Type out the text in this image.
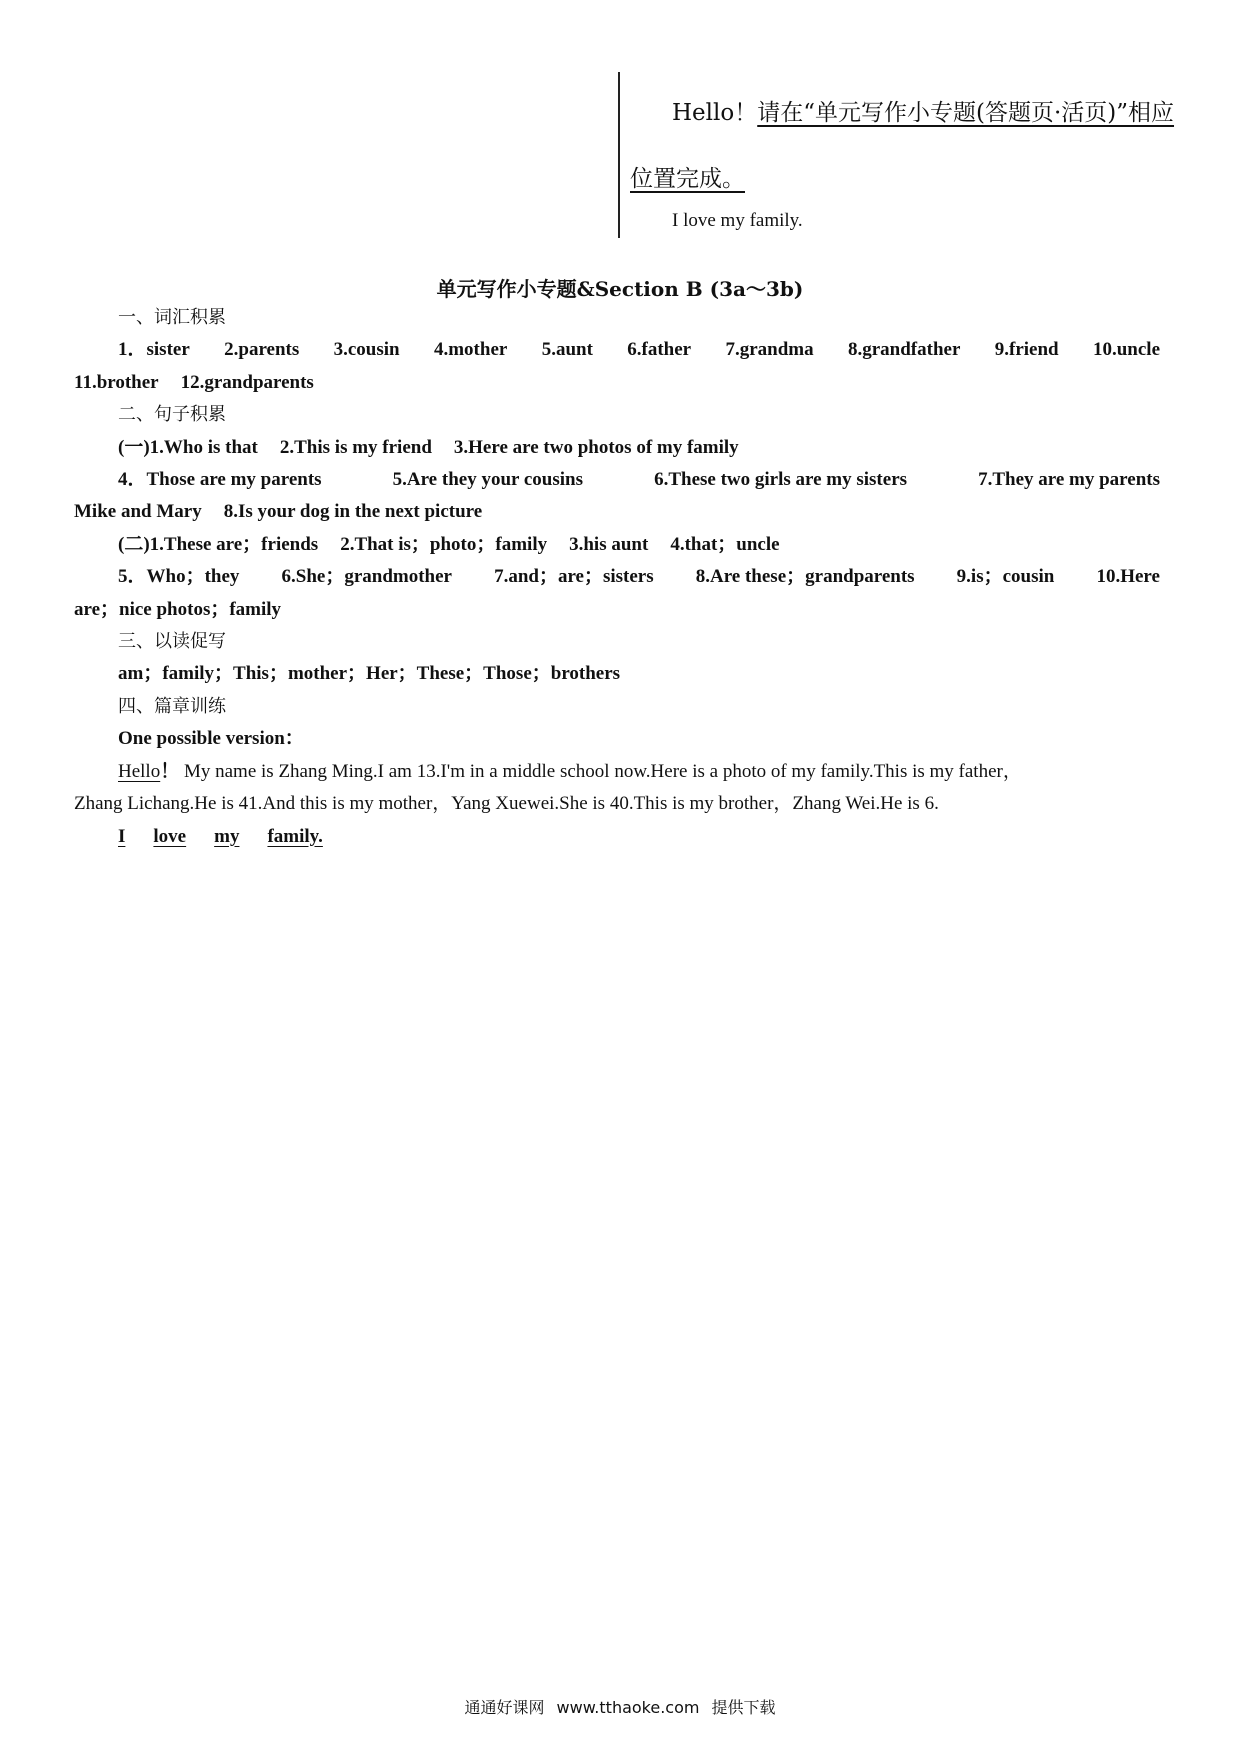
Hello！请在“单元写作小专题(答题页·活页)”相应
位置完成。
I love my family.
单元写作小专题&Section B (3a～3b)
一、词汇积累
1．sister 2.parents 3.cousin 4.mother 5.aunt 6.father 7.grandma 8.grandfather 9.friend 10.uncle
11.brother 12.grandparents
二、句子积累
(一)1.Who is that 2.This is my friend 3.Here are two photos of my family
4．Those are my parents	5.Are they your cousins	6.These two girls are my sisters	7.They are my parents
Mike and Mary 8.Is your dog in the next picture
(二)1.These are；friends 2.That is；photo；family 3.his aunt 4.that；uncle
5．Who；they 6.She；grandmother 7.and；are；sisters 8.Are these；grandparents 9.is；cousin 10.Here
are；nice photos；family
三、以读促写
am；family；This；mother；Her；These；Those；brothers
四、篇章训练
One possible version：
Hello！ My name is Zhang Ming.I am 13.I'm in a middle school now.Here is a photo of my family.This is my father，
Zhang Lichang.He is 41.And this is my mother，Yang Xuewei.She is 40.This is my brother，Zhang Wei.He is 6.
I love my family.
通通好课网 www.tthaoke.com 提供下载
